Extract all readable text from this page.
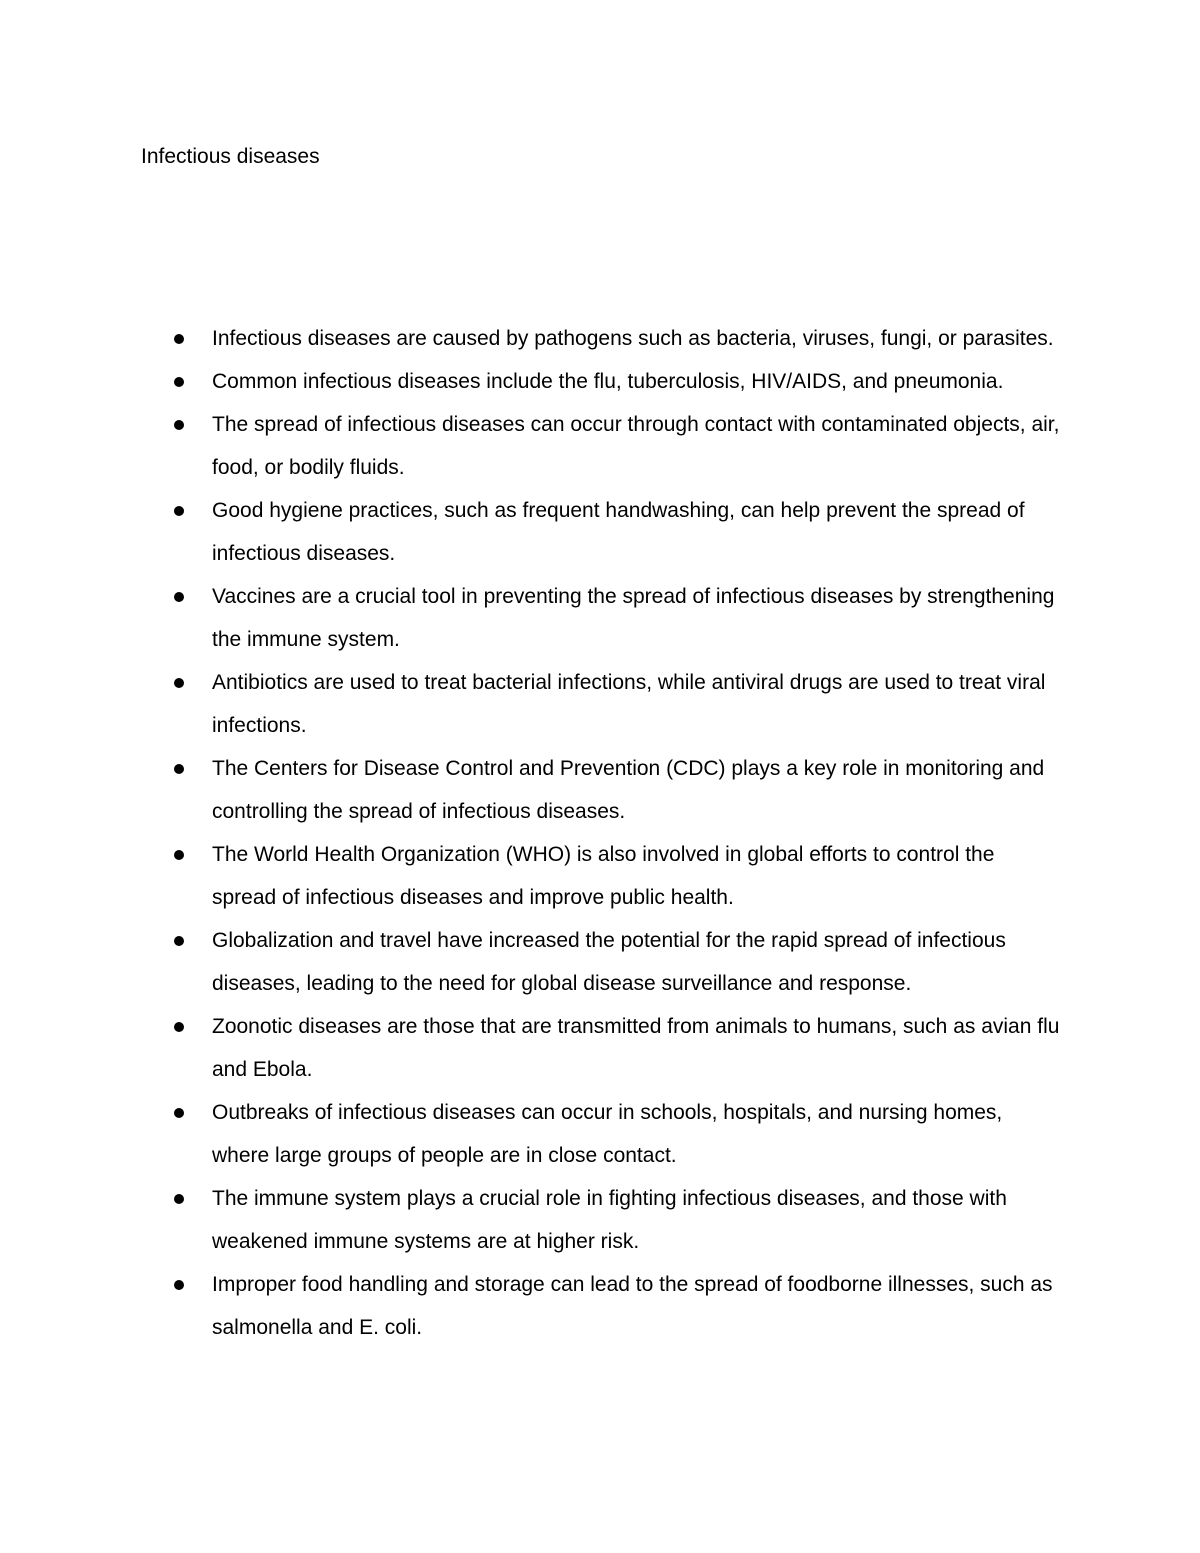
Infectious diseases
Infectious diseases are caused by pathogens such as bacteria, viruses, fungi, or parasites.
Common infectious diseases include the flu, tuberculosis, HIV/AIDS, and pneumonia.
The spread of infectious diseases can occur through contact with contaminated objects, air, food, or bodily fluids.
Good hygiene practices, such as frequent handwashing, can help prevent the spread of infectious diseases.
Vaccines are a crucial tool in preventing the spread of infectious diseases by strengthening the immune system.
Antibiotics are used to treat bacterial infections, while antiviral drugs are used to treat viral infections.
The Centers for Disease Control and Prevention (CDC) plays a key role in monitoring and controlling the spread of infectious diseases.
The World Health Organization (WHO) is also involved in global efforts to control the spread of infectious diseases and improve public health.
Globalization and travel have increased the potential for the rapid spread of infectious diseases, leading to the need for global disease surveillance and response.
Zoonotic diseases are those that are transmitted from animals to humans, such as avian flu and Ebola.
Outbreaks of infectious diseases can occur in schools, hospitals, and nursing homes, where large groups of people are in close contact.
The immune system plays a crucial role in fighting infectious diseases, and those with weakened immune systems are at higher risk.
Improper food handling and storage can lead to the spread of foodborne illnesses, such as salmonella and E. coli.
